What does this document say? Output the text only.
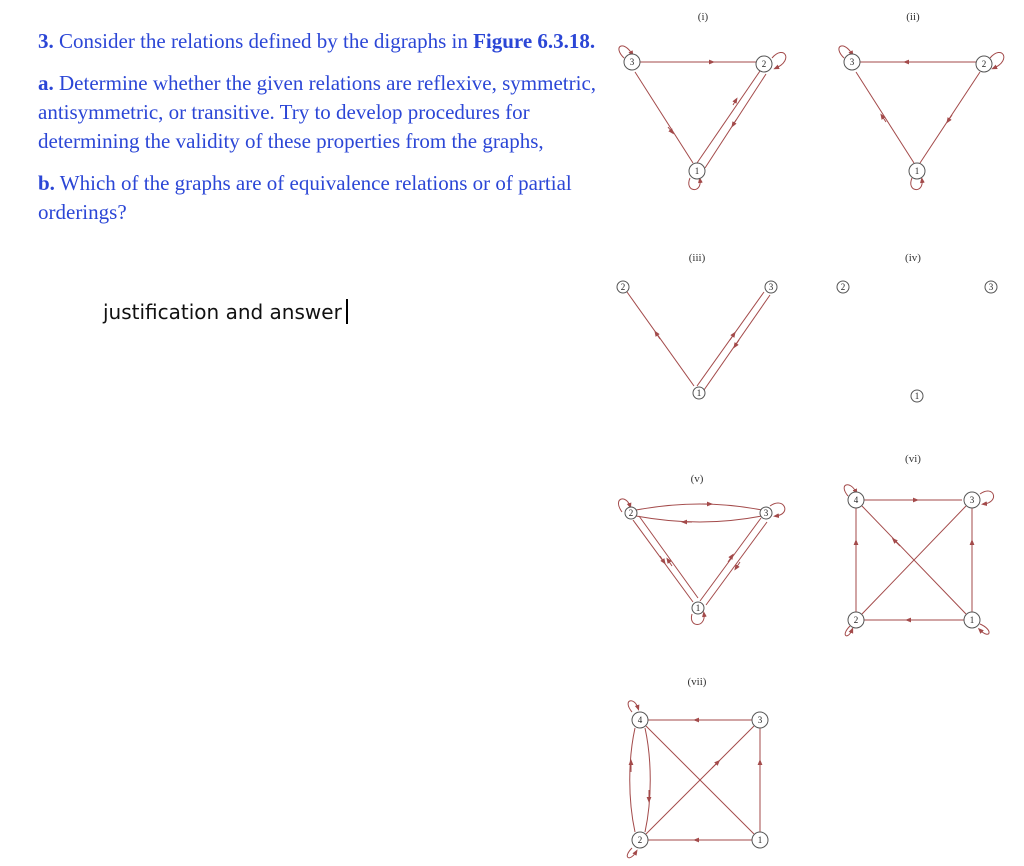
3. Consider the relations defined by the digraphs in Figure 6.3.18.

a. Determine whether the given relations are reflexive, symmetric, antisymmetric, or transitive. Try to develop procedures for determining the validity of these properties from the graphs,

b. Which of the graphs are of equivalence relations or of partial orderings?

justification and answer
(i)	(ii)
(iii)	(iv)
(v)
(vi)
(vii)
3	2
1
3	2
1
2	3
1
2	3
1
2	3
1
4	3
2	1
4	3
2	1
